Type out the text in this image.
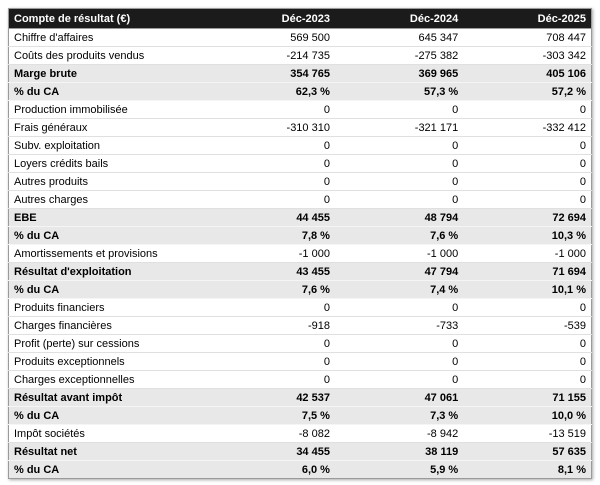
Compte de résultat (€)	Déc-2023	Déc-2024	Déc-2025
Chiffre d'affaires	569 500	645 347	708 447
Coûts des produits vendus	-214 735	-275 382	-303 342
Marge brute	354 765	369 965	405 106
% du CA	62,3 %	57,3 %	57,2 %
Production immobilisée	0	0	0
Frais généraux	-310 310	-321 171	-332 412
Subv. exploitation	0	0	0
Loyers crédits bails	0	0	0
Autres produits	0	0	0
Autres charges	0	0	0
EBE	44 455	48 794	72 694
% du CA	7,8 %	7,6 %	10,3 %
Amortissements et provisions	-1 000	-1 000	-1 000
Résultat d'exploitation	43 455	47 794	71 694
% du CA	7,6 %	7,4 %	10,1 %
Produits financiers	0	0	0
Charges financières	-918	-733	-539
Profit (perte) sur cessions	0	0	0
Produits exceptionnels	0	0	0
Charges exceptionnelles	0	0	0
Résultat avant impôt	42 537	47 061	71 155
% du CA	7,5 %	7,3 %	10,0 %
Impôt sociétés	-8 082	-8 942	-13 519
Résultat net	34 455	38 119	57 635
% du CA	6,0 %	5,9 %	8,1 %
